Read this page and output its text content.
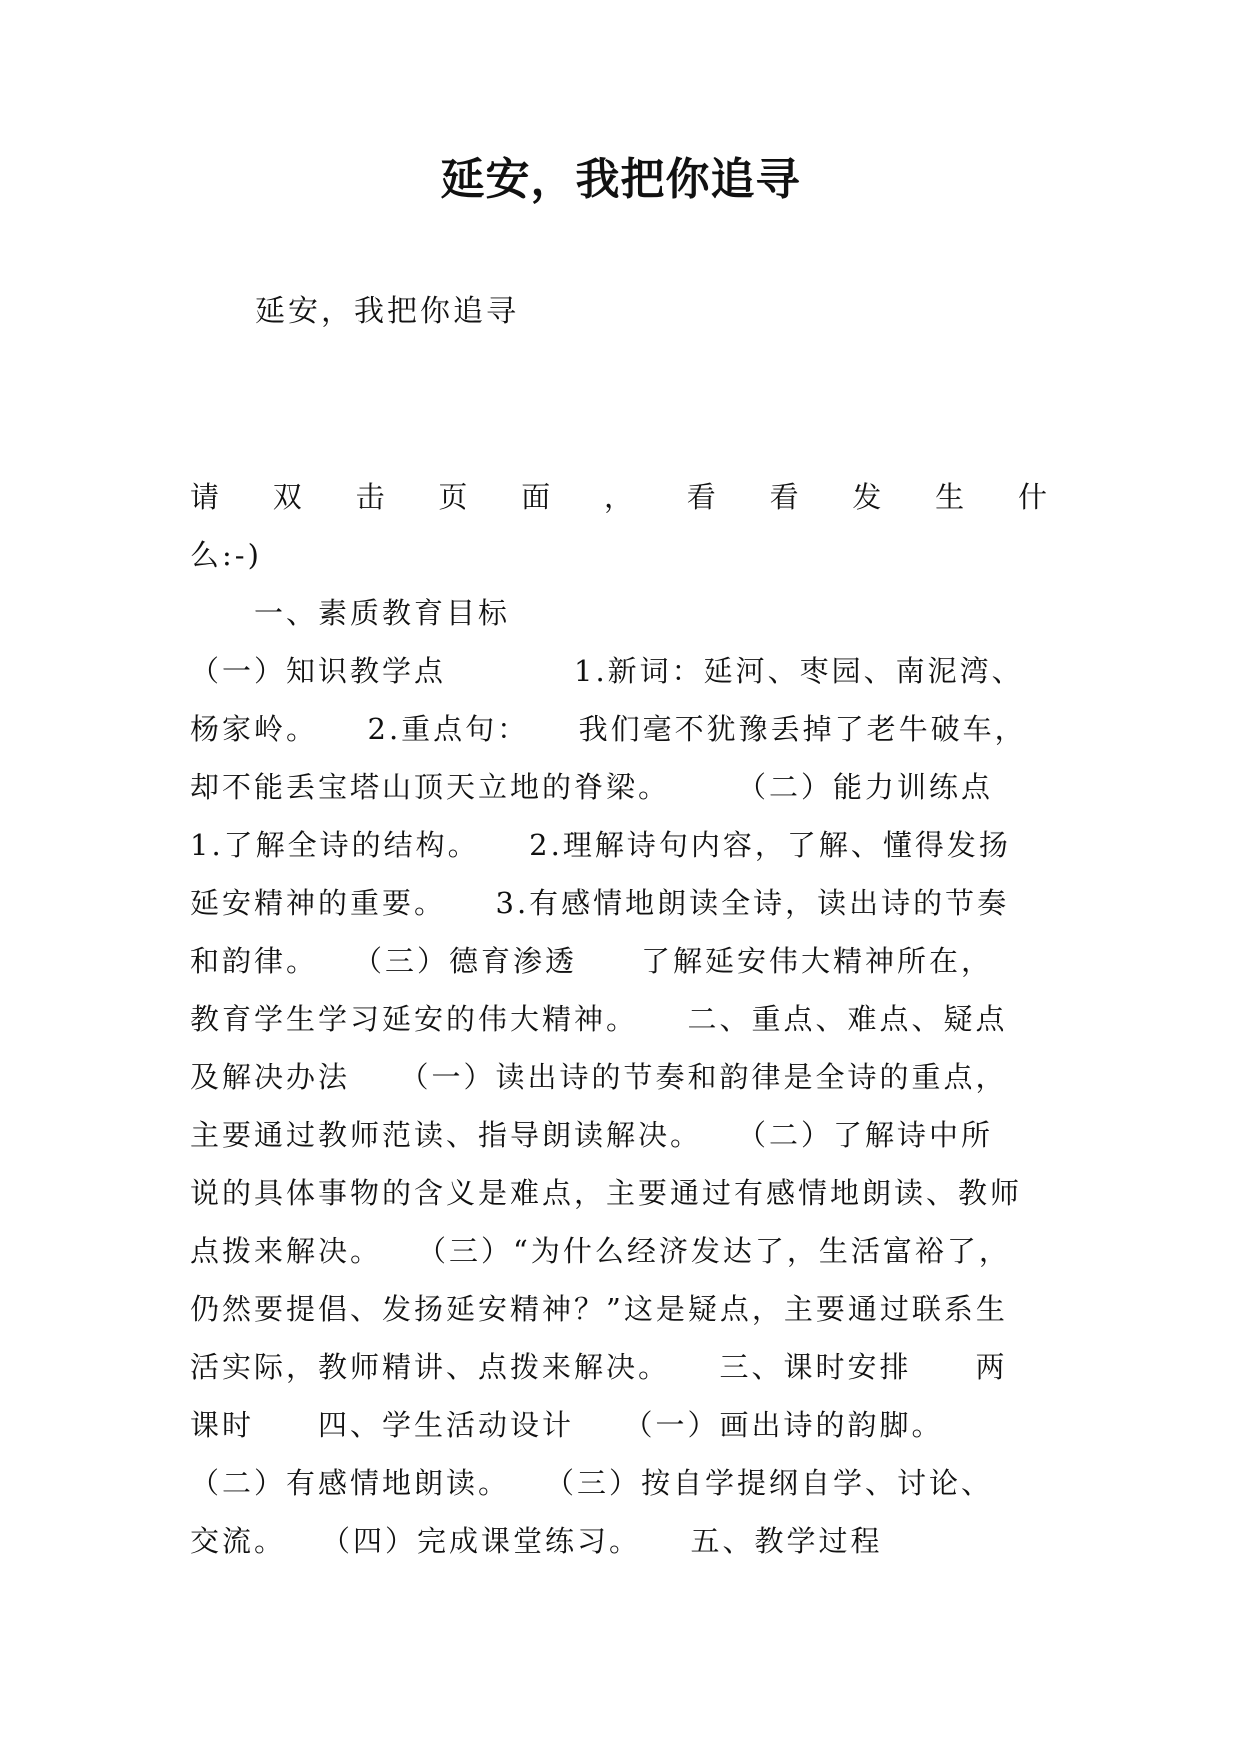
延安，我把你追寻
延安，我把你追寻
请 双 击 页 面 ， 看 看 发 生 什
么:-)
一、素质教育目标
（一）知识教学点　　　　1.新词：延河、枣园、南泥湾、
杨家岭。　　2.重点句：　　我们毫不犹豫丢掉了老牛破车，
却不能丢宝塔山顶天立地的脊梁。　　　（二）能力训练点
1.了解全诗的结构。　　2.理解诗句内容，了解、懂得发扬
延安精神的重要。　　3.有感情地朗读全诗，读出诗的节奏
和韵律。　　（三）德育渗透　　了解延安伟大精神所在，
教育学生学习延安的伟大精神。　　二、重点、难点、疑点
及解决办法　　（一）读出诗的节奏和韵律是全诗的重点，
主要通过教师范读、指导朗读解决。　　（二）了解诗中所
说的具体事物的含义是难点，主要通过有感情地朗读、教师
点拨来解决。　　（三）“为什么经济发达了，生活富裕了，
仍然要提倡、发扬延安精神？”这是疑点，主要通过联系生
活实际，教师精讲、点拨来解决。　　三、课时安排　　两
课时　　四、学生活动设计　　（一）画出诗的韵脚。
（二）有感情地朗读。　　（三）按自学提纲自学、讨论、
交流。　　（四）完成课堂练习。　　五、教学过程
